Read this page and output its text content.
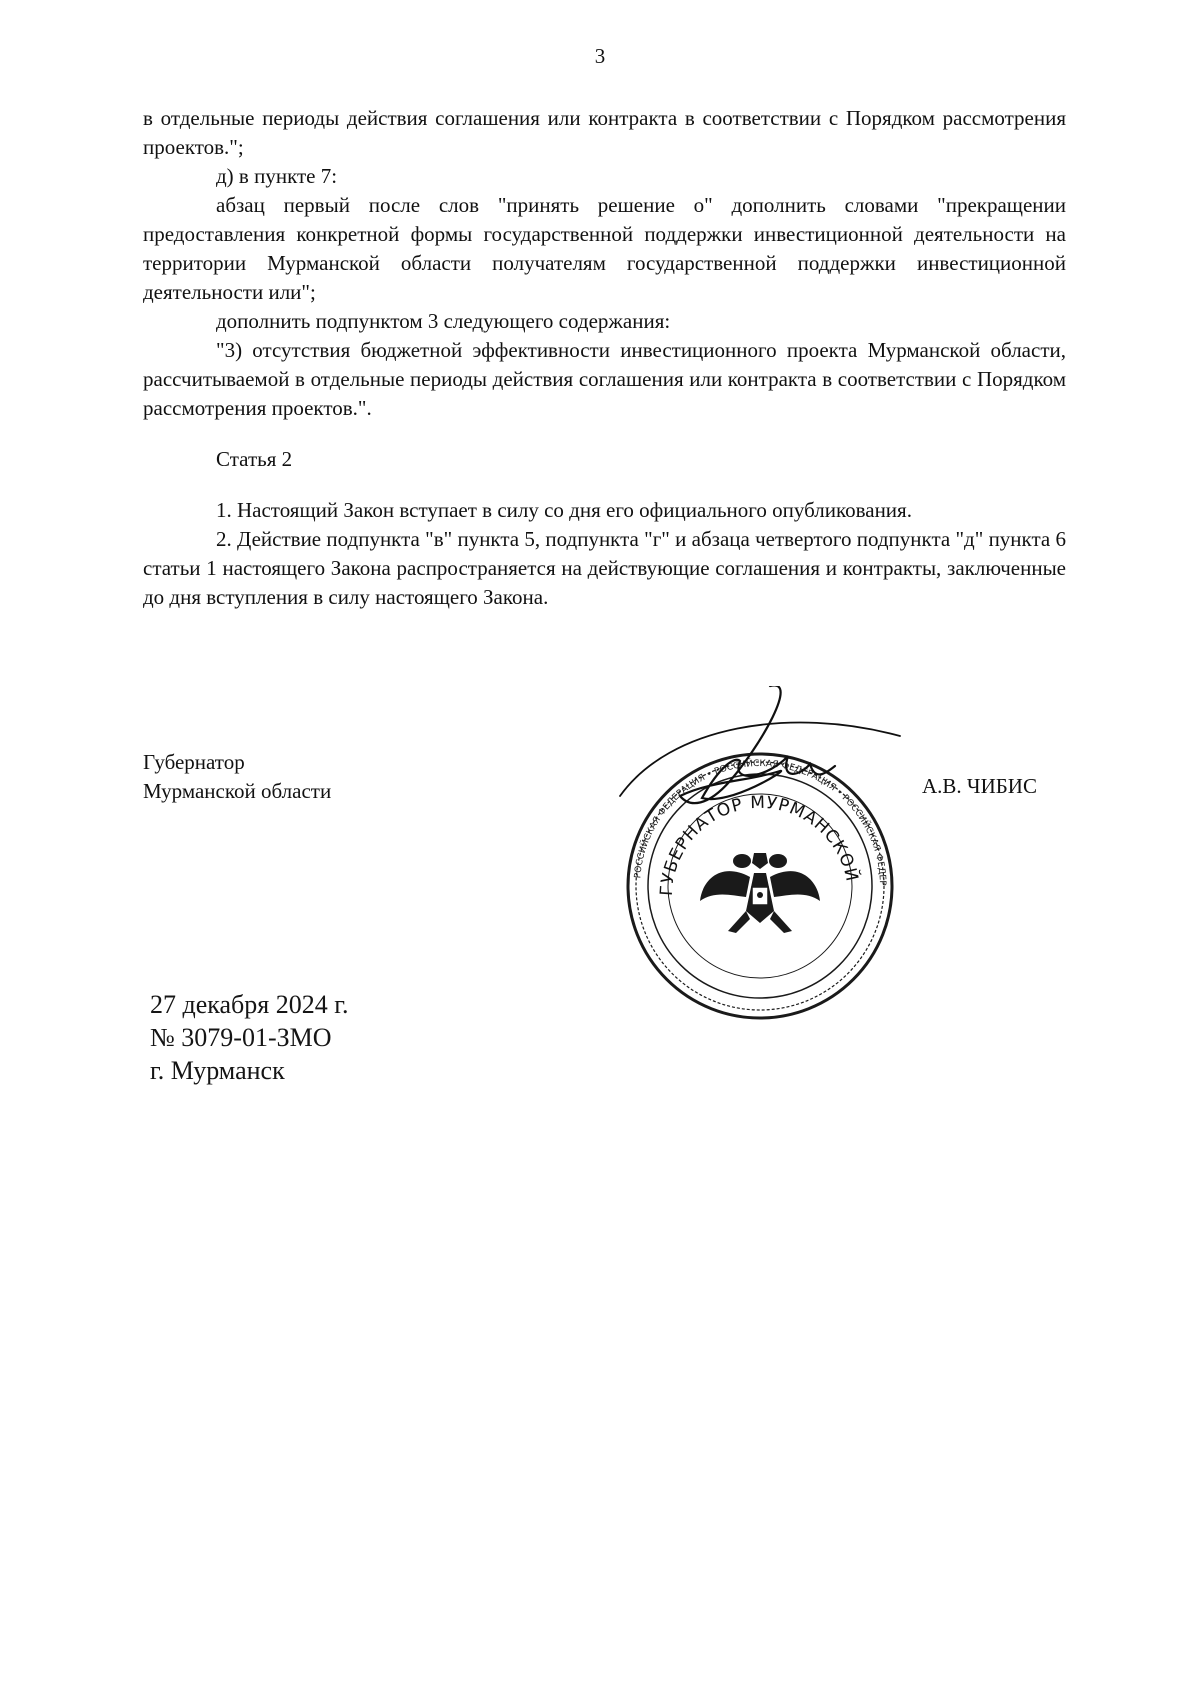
3

в отдельные периоды действия соглашения или контракта в соответствии с Порядком рассмотрения проектов.";

д) в пункте 7:

абзац первый после слов "принять решение о" дополнить словами "прекращении предоставления конкретной формы государственной поддержки инвестиционной деятельности на территории Мурманской области получателям государственной поддержки инвестиционной деятельности или";

дополнить подпунктом 3 следующего содержания:

"3) отсутствия бюджетной эффективности инвестиционного проекта Мурманской области, рассчитываемой в отдельные периоды действия соглашения или контракта в соответствии с Порядком рассмотрения проектов.".

Статья 2

1. Настоящий Закон вступает в силу со дня его официального опубликования.

2. Действие подпункта "в" пункта 5, подпункта "г" и абзаца четвертого подпункта "д" пункта 6 статьи 1 настоящего Закона распространяется на действующие соглашения и контракты, заключенные до дня вступления в силу настоящего Закона.

Губернатор
Мурманской области	А.В. ЧИБИС
РОССИЙСКАЯ ФЕДЕРАЦИЯ • РОССИЙСКАЯ ФЕДЕРАЦИЯ • РОССИЙСКАЯ ФЕДЕР
ГУБЕРНАТОР МУРМАНСКОЙ
27 декабря 2024 г.
№ 3079-01-ЗМО
г. Мурманск
